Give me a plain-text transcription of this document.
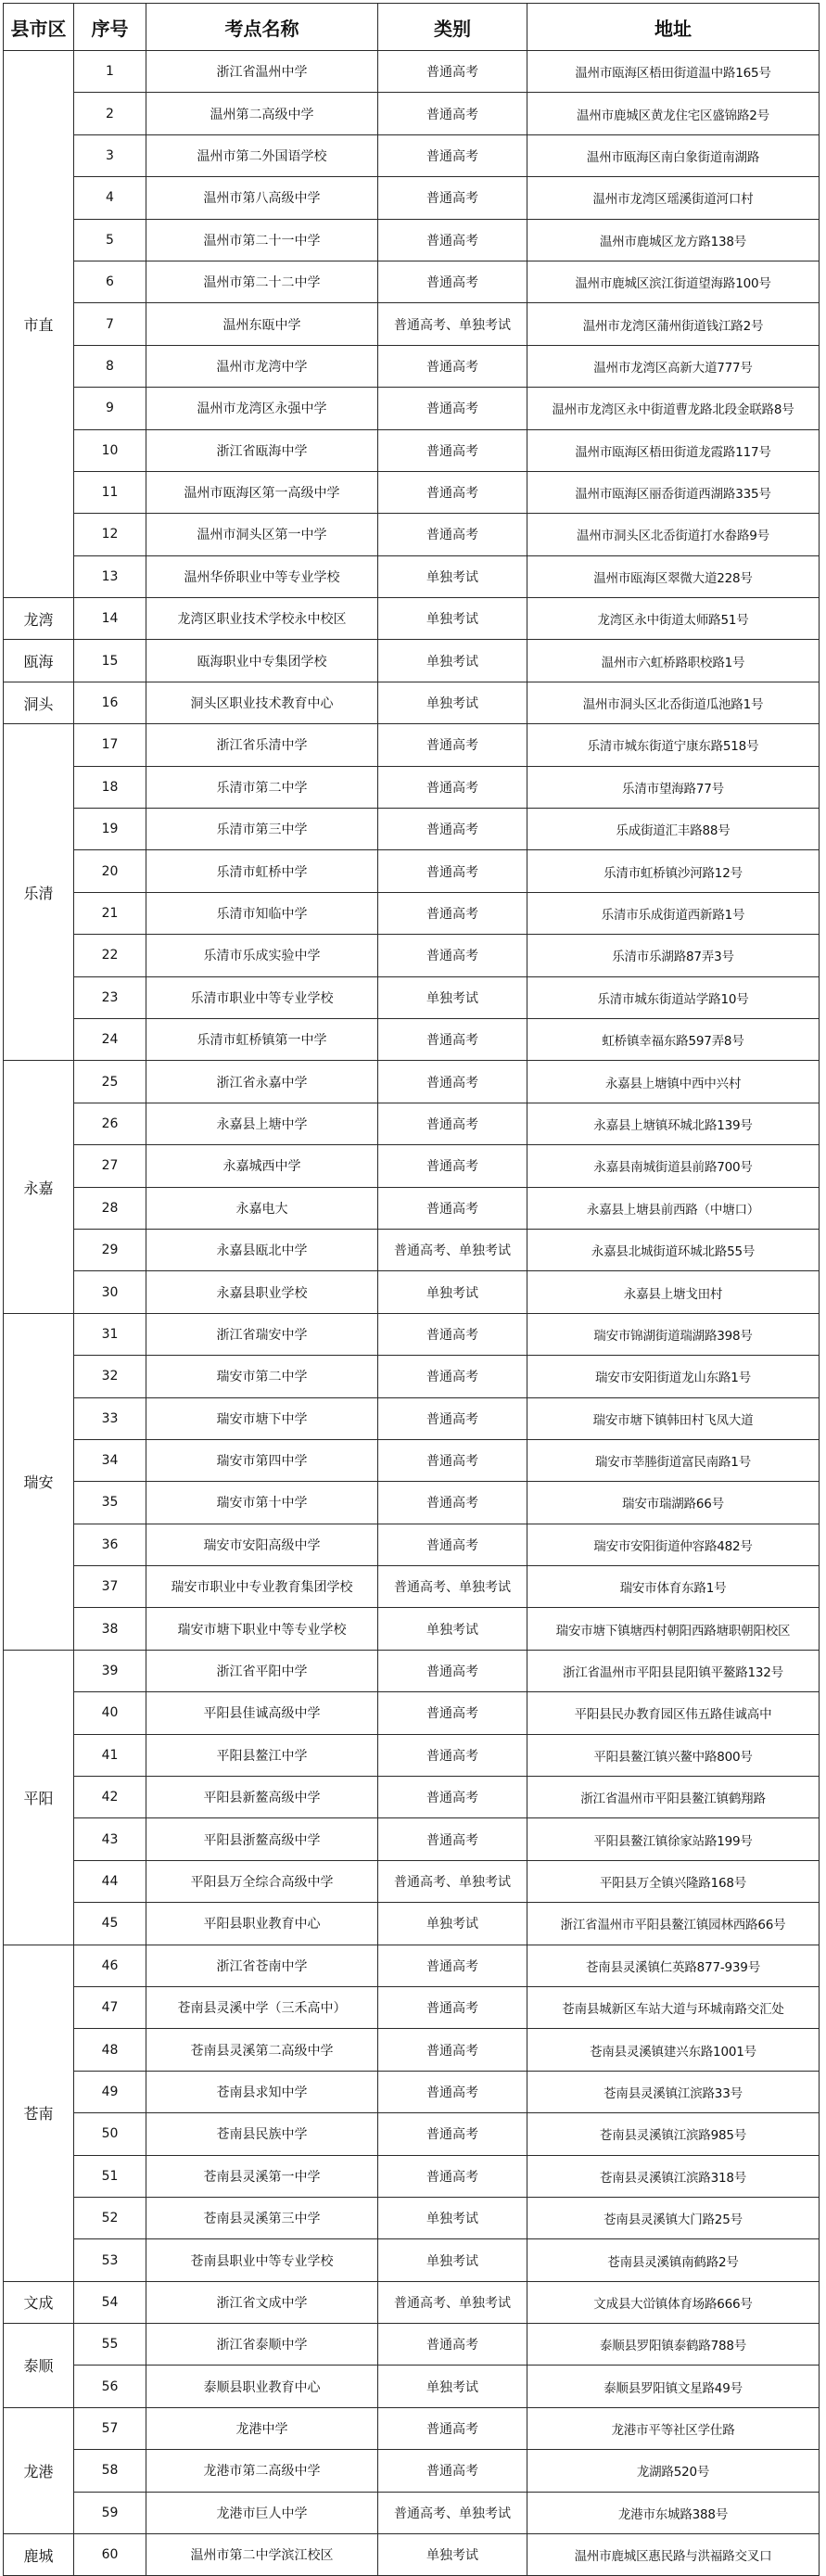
县市区	序号	考点名称	类别	地址
市直	1	浙江省温州中学	普通高考	温州市瓯海区梧田街道温中路165号
	2	温州第二高级中学	普通高考	温州市鹿城区黄龙住宅区盛锦路2号
	3	温州市第二外国语学校	普通高考	温州市瓯海区南白象街道南湖路
	4	温州市第八高级中学	普通高考	温州市龙湾区瑶溪街道河口村
	5	温州市第二十一中学	普通高考	温州市鹿城区龙方路138号
	6	温州市第二十二中学	普通高考	温州市鹿城区滨江街道望海路100号
	7	温州东瓯中学	普通高考、单独考试	温州市龙湾区蒲州街道钱江路2号
	8	温州市龙湾中学	普通高考	温州市龙湾区高新大道777号
	9	温州市龙湾区永强中学	普通高考	温州市龙湾区永中街道曹龙路北段金联路8号
	10	浙江省瓯海中学	普通高考	温州市瓯海区梧田街道龙霞路117号
	11	温州市瓯海区第一高级中学	普通高考	温州市瓯海区丽岙街道西湖路335号
	12	温州市洞头区第一中学	普通高考	温州市洞头区北岙街道打水畚路9号
	13	温州华侨职业中等专业学校	单独考试	温州市瓯海区翠微大道228号
龙湾	14	龙湾区职业技术学校永中校区	单独考试	龙湾区永中街道太师路51号
瓯海	15	瓯海职业中专集团学校	单独考试	温州市六虹桥路职校路1号
洞头	16	洞头区职业技术教育中心	单独考试	温州市洞头区北岙街道瓜池路1号
乐清	17	浙江省乐清中学	普通高考	乐清市城东街道宁康东路518号
	18	乐清市第二中学	普通高考	乐清市望海路77号
	19	乐清市第三中学	普通高考	乐成街道汇丰路88号
	20	乐清市虹桥中学	普通高考	乐清市虹桥镇沙河路12号
	21	乐清市知临中学	普通高考	乐清市乐成街道西新路1号
	22	乐清市乐成实验中学	普通高考	乐清市乐湖路87弄3号
	23	乐清市职业中等专业学校	单独考试	乐清市城东街道站学路10号
	24	乐清市虹桥镇第一中学	普通高考	虹桥镇幸福东路597弄8号
永嘉	25	浙江省永嘉中学	普通高考	永嘉县上塘镇中西中兴村
	26	永嘉县上塘中学	普通高考	永嘉县上塘镇环城北路139号
	27	永嘉城西中学	普通高考	永嘉县南城街道县前路700号
	28	永嘉电大	普通高考	永嘉县上塘县前西路（中塘口）
	29	永嘉县瓯北中学	普通高考、单独考试	永嘉县北城街道环城北路55号
	30	永嘉县职业学校	单独考试	永嘉县上塘戈田村
瑞安	31	浙江省瑞安中学	普通高考	瑞安市锦湖街道瑞湖路398号
	32	瑞安市第二中学	普通高考	瑞安市安阳街道龙山东路1号
	33	瑞安市塘下中学	普通高考	瑞安市塘下镇韩田村飞凤大道
	34	瑞安市第四中学	普通高考	瑞安市莘塍街道富民南路1号
	35	瑞安市第十中学	普通高考	瑞安市瑞湖路66号
	36	瑞安市安阳高级中学	普通高考	瑞安市安阳街道仲容路482号
	37	瑞安市职业中专业教育集团学校	普通高考、单独考试	瑞安市体育东路1号
	38	瑞安市塘下职业中等专业学校	单独考试	瑞安市塘下镇塘西村朝阳西路塘职朝阳校区
平阳	39	浙江省平阳中学	普通高考	浙江省温州市平阳县昆阳镇平鳌路132号
	40	平阳县佳诚高级中学	普通高考	平阳县民办教育园区伟五路佳诚高中
	41	平阳县鳌江中学	普通高考	平阳县鳌江镇兴鳌中路800号
	42	平阳县新鳌高级中学	普通高考	浙江省温州市平阳县鳌江镇鹤翔路
	43	平阳县浙鳌高级中学	普通高考	平阳县鳌江镇徐家站路199号
	44	平阳县万全综合高级中学	普通高考、单独考试	平阳县万全镇兴隆路168号
	45	平阳县职业教育中心	单独考试	浙江省温州市平阳县鳌江镇园林西路66号
苍南	46	浙江省苍南中学	普通高考	苍南县灵溪镇仁英路877-939号
	47	苍南县灵溪中学（三禾高中）	普通高考	苍南县城新区车站大道与环城南路交汇处
	48	苍南县灵溪第二高级中学	普通高考	苍南县灵溪镇建兴东路1001号
	49	苍南县求知中学	普通高考	苍南县灵溪镇江滨路33号
	50	苍南县民族中学	普通高考	苍南县灵溪镇江滨路985号
	51	苍南县灵溪第一中学	普通高考	苍南县灵溪镇江滨路318号
	52	苍南县灵溪第三中学	单独考试	苍南县灵溪镇大门路25号
	53	苍南县职业中等专业学校	单独考试	苍南县灵溪镇南鹤路2号
文成	54	浙江省文成中学	普通高考、单独考试	文成县大峃镇体育场路666号
泰顺	55	浙江省泰顺中学	普通高考	泰顺县罗阳镇泰鹤路788号
	56	泰顺县职业教育中心	单独考试	泰顺县罗阳镇文星路49号
龙港	57	龙港中学	普通高考	龙港市平等社区学仕路
	58	龙港市第二高级中学	普通高考	龙湖路520号
	59	龙港市巨人中学	普通高考、单独考试	龙港市东城路388号
鹿城	60	温州市第二中学滨江校区	单独考试	温州市鹿城区惠民路与洪福路交叉口
